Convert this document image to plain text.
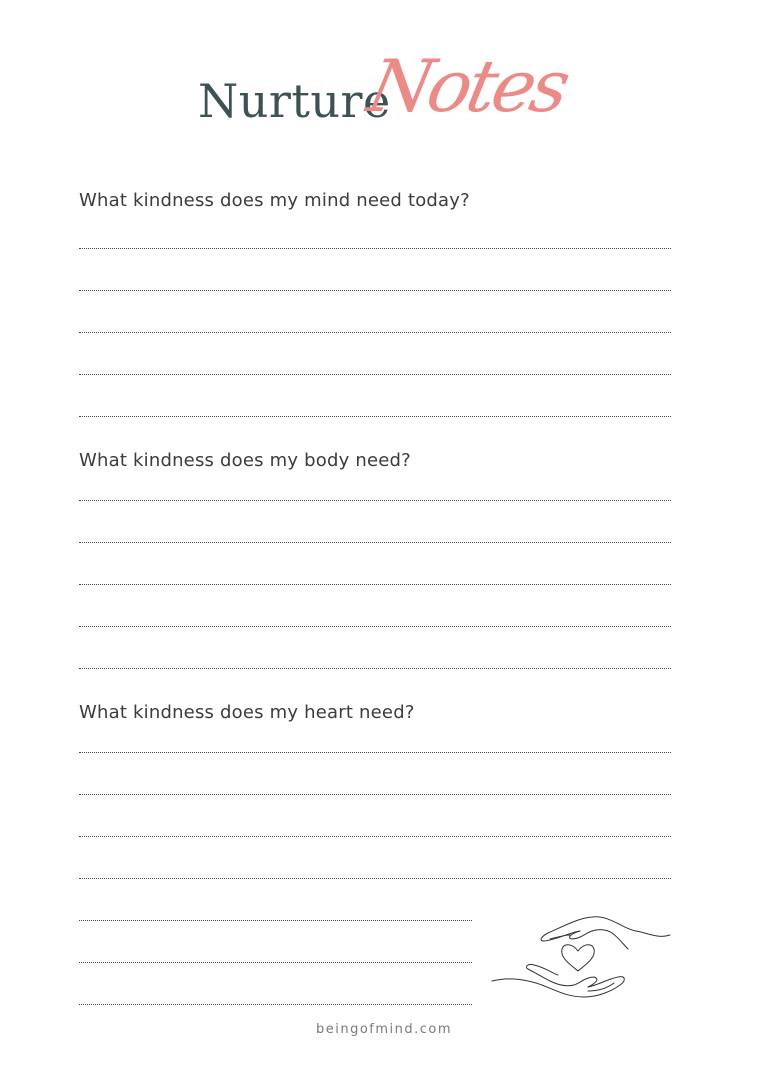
Nurture
Notes
What kindness does my mind need today?
What kindness does my body need?
What kindness does my heart need?
beingofmind.com
